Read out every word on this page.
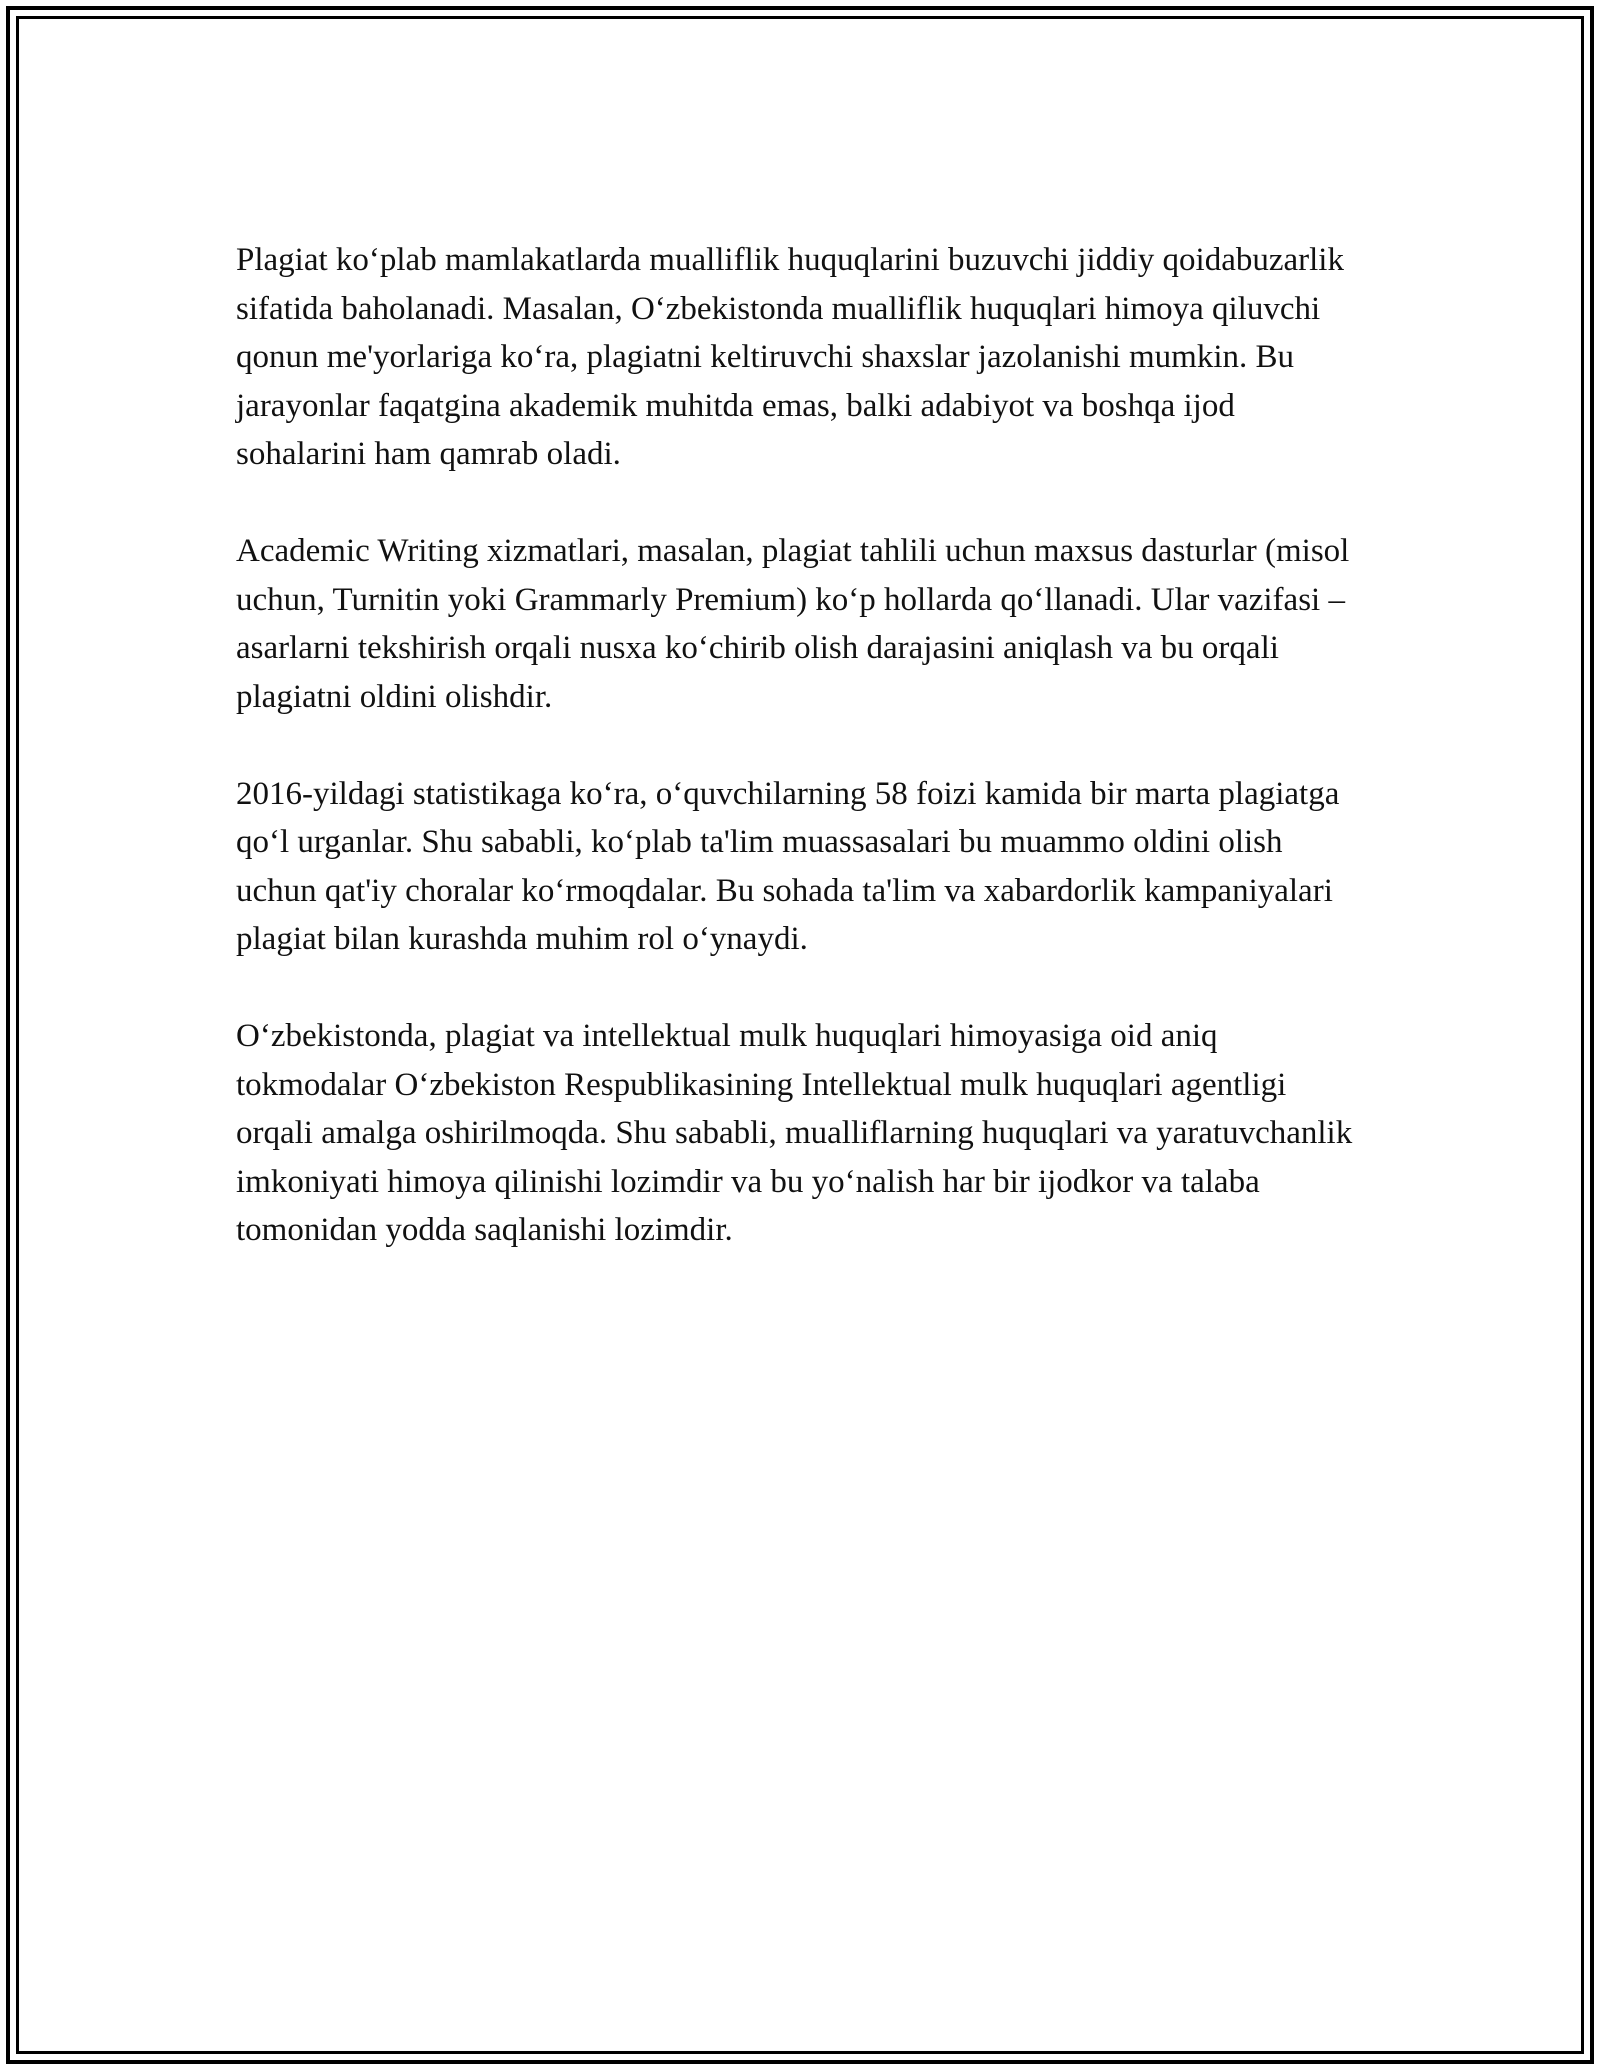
Plagiat ko‘plab mamlakatlarda mualliflik huquqlarini buzuvchi jiddiy qoidabuzarlik sifatida baholanadi. Masalan, O‘zbekistonda mualliflik huquqlari himoya qiluvchi qonun me'yorlariga ko‘ra, plagiatni keltiruvchi shaxslar jazolanishi mumkin. Bu jarayonlar faqatgina akademik muhitda emas, balki adabiyot va boshqa ijod sohalarini ham qamrab oladi.

Academic Writing xizmatlari, masalan, plagiat tahlili uchun maxsus dasturlar (misol uchun, Turnitin yoki Grammarly Premium) ko‘p hollarda qo‘llanadi. Ular vazifasi – asarlarni tekshirish orqali nusxa ko‘chirib olish darajasini aniqlash va bu orqali plagiatni oldini olishdir.

2016-yildagi statistikaga ko‘ra, o‘quvchilarning 58 foizi kamida bir marta plagiatga qo‘l urganlar. Shu sababli, ko‘plab ta'lim muassasalari bu muammo oldini olish uchun qat'iy choralar ko‘rmoqdalar. Bu sohada ta'lim va xabardorlik kampaniyalari plagiat bilan kurashda muhim rol o‘ynaydi.

O‘zbekistonda, plagiat va intellektual mulk huquqlari himoyasiga oid aniq tokmodalar O‘zbekiston Respublikasining Intellektual mulk huquqlari agentligi orqali amalga oshirilmoqda. Shu sababli, mualliflarning huquqlari va yaratuvchanlik imkoniyati himoya qilinishi lozimdir va bu yo‘nalish har bir ijodkor va talaba tomonidan yodda saqlanishi lozimdir.
